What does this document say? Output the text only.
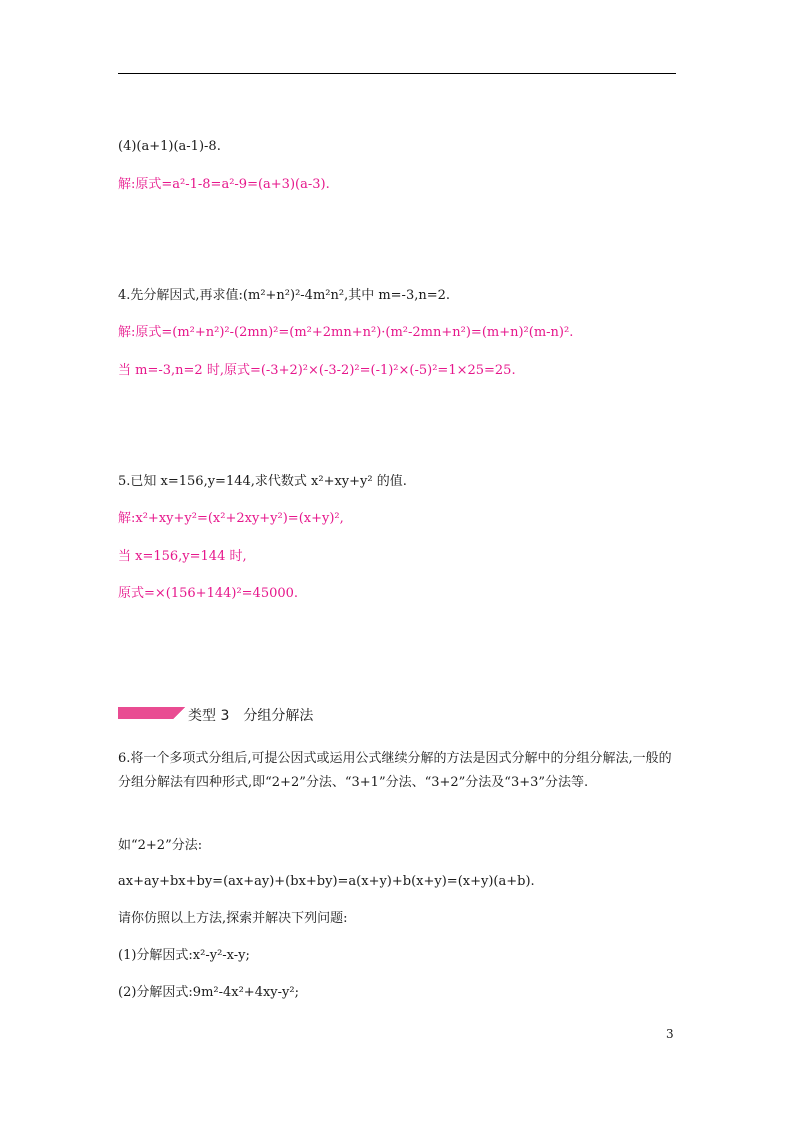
(4)(a+1)(a-1)-8.
解:原式=a²-1-8=a²-9=(a+3)(a-3).
4.先分解因式,再求值:(m²+n²)²-4m²n²,其中 m=-3,n=2.
解:原式=(m²+n²)²-(2mn)²=(m²+2mn+n²)·(m²-2mn+n²)=(m+n)²(m-n)².
当 m=-3,n=2 时,原式=(-3+2)²×(-3-2)²=(-1)²×(-5)²=1×25=25.
5.已知 x=156,y=144,求代数式 x²+xy+y² 的值.
解:x²+xy+y²=(x²+2xy+y²)=(x+y)²,
当 x=156,y=144 时,
原式=×(156+144)²=45000.
类型 3　分组分解法
6.将一个多项式分组后,可提公因式或运用公式继续分解的方法是因式分解中的分组分解法,一般的分组分解法有四种形式,即“2+2”分法、“3+1”分法、“3+2”分法及“3+3”分法等.
如“2+2”分法:
ax+ay+bx+by=(ax+ay)+(bx+by)=a(x+y)+b(x+y)=(x+y)(a+b).
请你仿照以上方法,探索并解决下列问题:
(1)分解因式:x²-y²-x-y;
(2)分解因式:9m²-4x²+4xy-y²;
3
